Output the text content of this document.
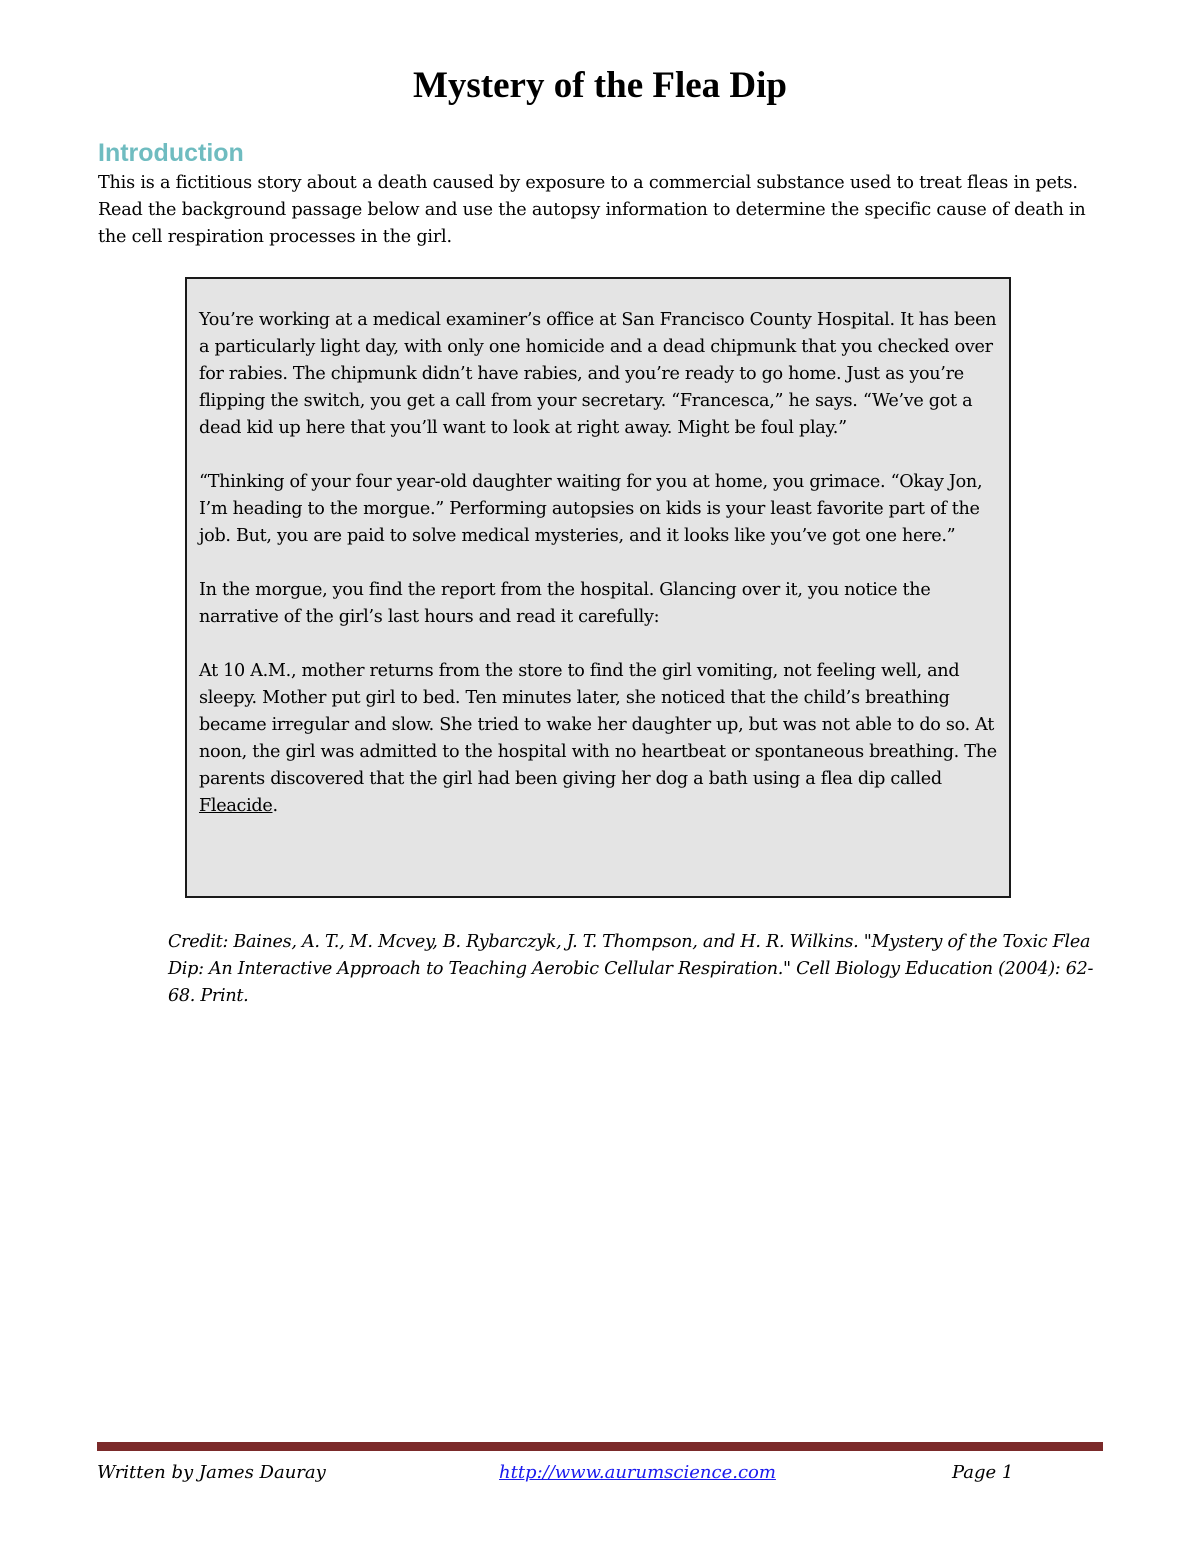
Mystery of the Flea Dip
Introduction

This is a fictitious story about a death caused by exposure to a commercial substance used to treat fleas in pets. Read the background passage below and use the autopsy information to determine the specific cause of death in the cell respiration processes in the girl.

You’re working at a medical examiner’s office at San Francisco County Hospital. It has been a particularly light day, with only one homicide and a dead chipmunk that you checked over for rabies. The chipmunk didn’t have rabies, and you’re ready to go home. Just as you’re flipping the switch, you get a call from your secretary. “Francesca,” he says. “We’ve got a dead kid up here that you’ll want to look at right away. Might be foul play.”

“Thinking of your four year-old daughter waiting for you at home, you grimace. “Okay Jon, I’m heading to the morgue.” Performing autopsies on kids is your least favorite part of the job. But, you are paid to solve medical mysteries, and it looks like you’ve got one here.”

In the morgue, you find the report from the hospital. Glancing over it, you notice the narrative of the girl’s last hours and read it carefully:

At 10 A.M., mother returns from the store to find the girl vomiting, not feeling well, and sleepy. Mother put girl to bed. Ten minutes later, she noticed that the child’s breathing became irregular and slow. She tried to wake her daughter up, but was not able to do so. At noon, the girl was admitted to the hospital with no heartbeat or spontaneous breathing. The parents discovered that the girl had been giving her dog a bath using a flea dip called Fleacide.

Credit: Baines, A. T., M. Mcvey, B. Rybarczyk, J. T. Thompson, and H. R. Wilkins. "Mystery of the Toxic Flea Dip: An Interactive Approach to Teaching Aerobic Cellular Respiration." Cell Biology Education (2004): 62-68. Print.

Written by James Dauray	http://www.aurumscience.com	Page 1
